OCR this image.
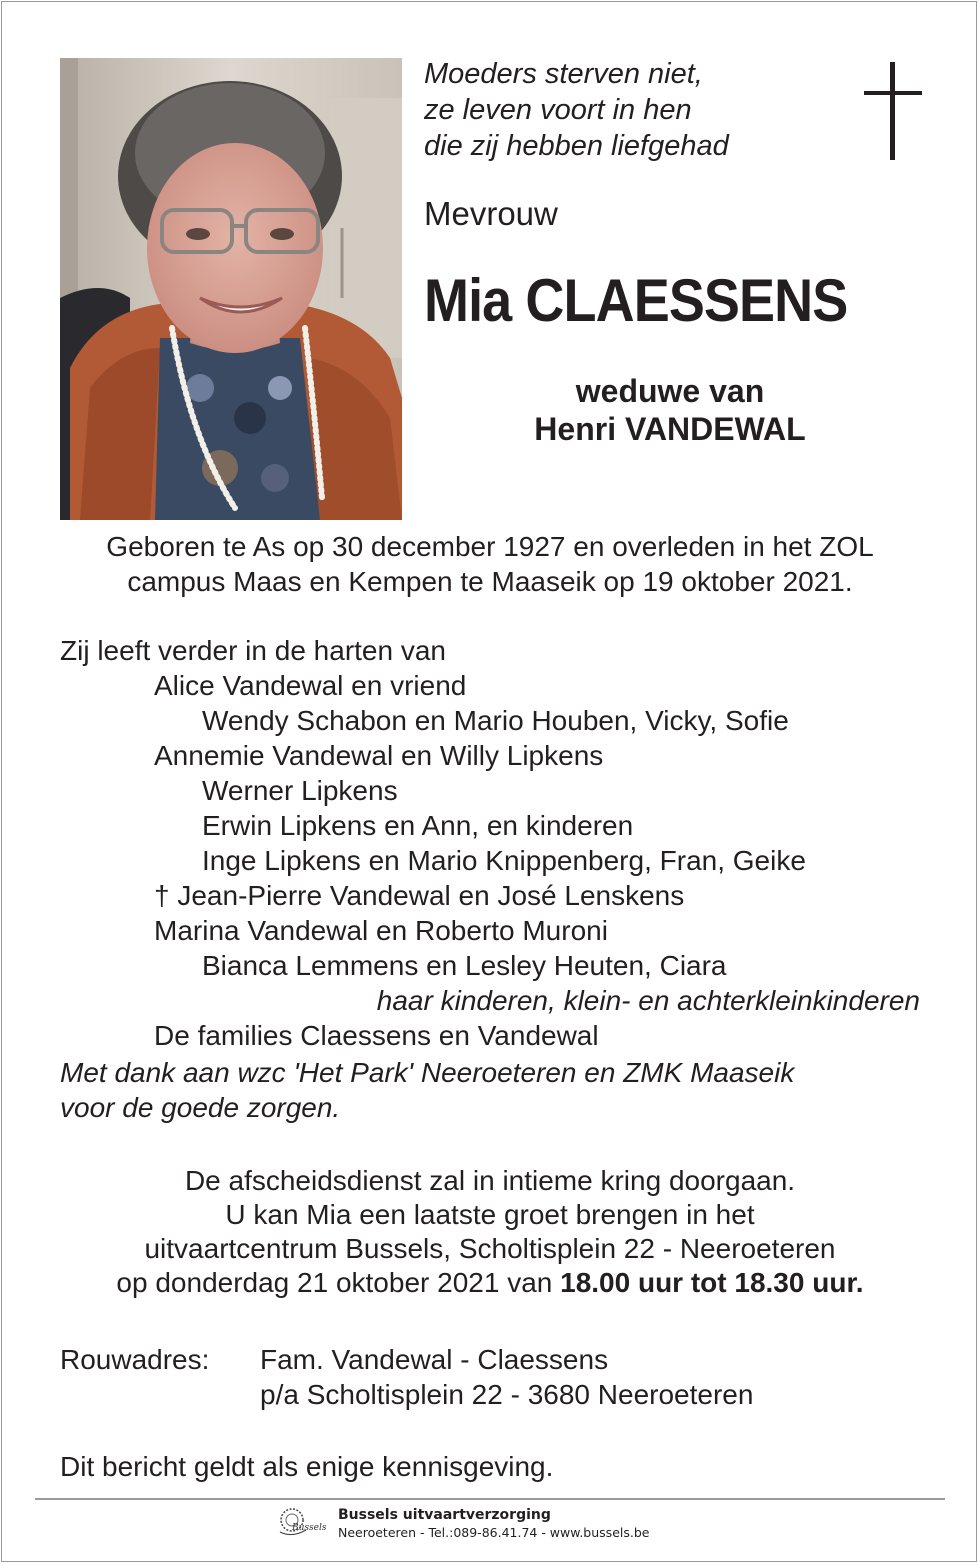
Moeders sterven niet,
ze leven voort in hen
die zij hebben liefgehad
Mevrouw
Mia CLAESSENS
weduwe van
Henri VANDEWAL
Geboren te As op 30 december 1927 en overleden in het ZOL
campus Maas en Kempen te Maaseik op 19 oktober 2021.
Zij leeft verder in de harten van
Alice Vandewal en vriend
Wendy Schabon en Mario Houben, Vicky, Sofie
Annemie Vandewal en Willy Lipkens
Werner Lipkens
Erwin Lipkens en Ann, en kinderen
Inge Lipkens en Mario Knippenberg, Fran, Geike
† Jean-Pierre Vandewal en José Lenskens
Marina Vandewal en Roberto Muroni
Bianca Lemmens en Lesley Heuten, Ciara
haar kinderen, klein- en achterkleinkinderen
De families Claessens en Vandewal
Met dank aan wzc 'Het Park' Neeroeteren en ZMK Maaseik
voor de goede zorgen.
De afscheidsdienst zal in intieme kring doorgaan.
U kan Mia een laatste groet brengen in het
uitvaartcentrum Bussels, Scholtisplein 22 - Neeroeteren
op donderdag 21 oktober 2021 van 18.00 uur tot 18.30 uur.
Rouwadres: Fam. Vandewal - Claessens
p/a Scholtisplein 22 - 3680 Neeroeteren
Dit bericht geldt als enige kennisgeving.
Bussels
Bussels uitvaartverzorging
Neeroeteren - Tel.:089-86.41.74 - www.bussels.be
